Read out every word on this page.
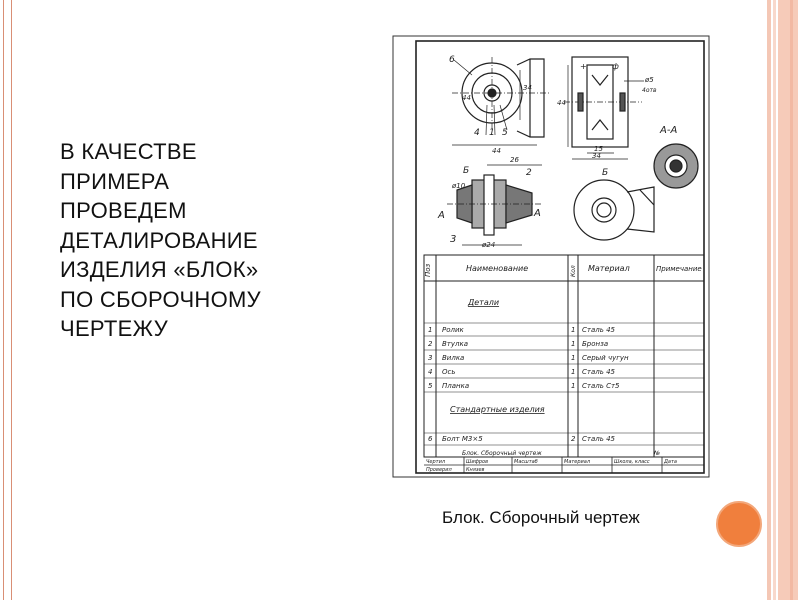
В КАЧЕСТВЕ
ПРИМЕРА
ПРОВЕДЕМ
ДЕТАЛИРОВАНИЕ
ИЗДЕЛИЯ «БЛОК»
ПО СБОРОЧНОМУ
ЧЕРТЕЖУ
6
34
44
4 1 5
44
26
+	ф
ø5
4отв
44
15
34
А-А
Б	2
ø10
А	А
3	ø24
Б
Поз	Наименование	Кол Материал	Примечание
Детали
1 Ролик	1 Сталь 45
2 Втулка	1 Бронза
3 Вилка	1 Серый чугун
4 Ось	1 Сталь 45
5 Планка	1 Сталь Ст5
Стандартные изделия
6 Болт М3×5	2 Сталь 45
Блок. Сборочный чертеж	№
Чертил	Шифров	Масштаб	Материал	Школа, класс	Дата
Проверил	Князев
Блок. Сборочный чертеж
